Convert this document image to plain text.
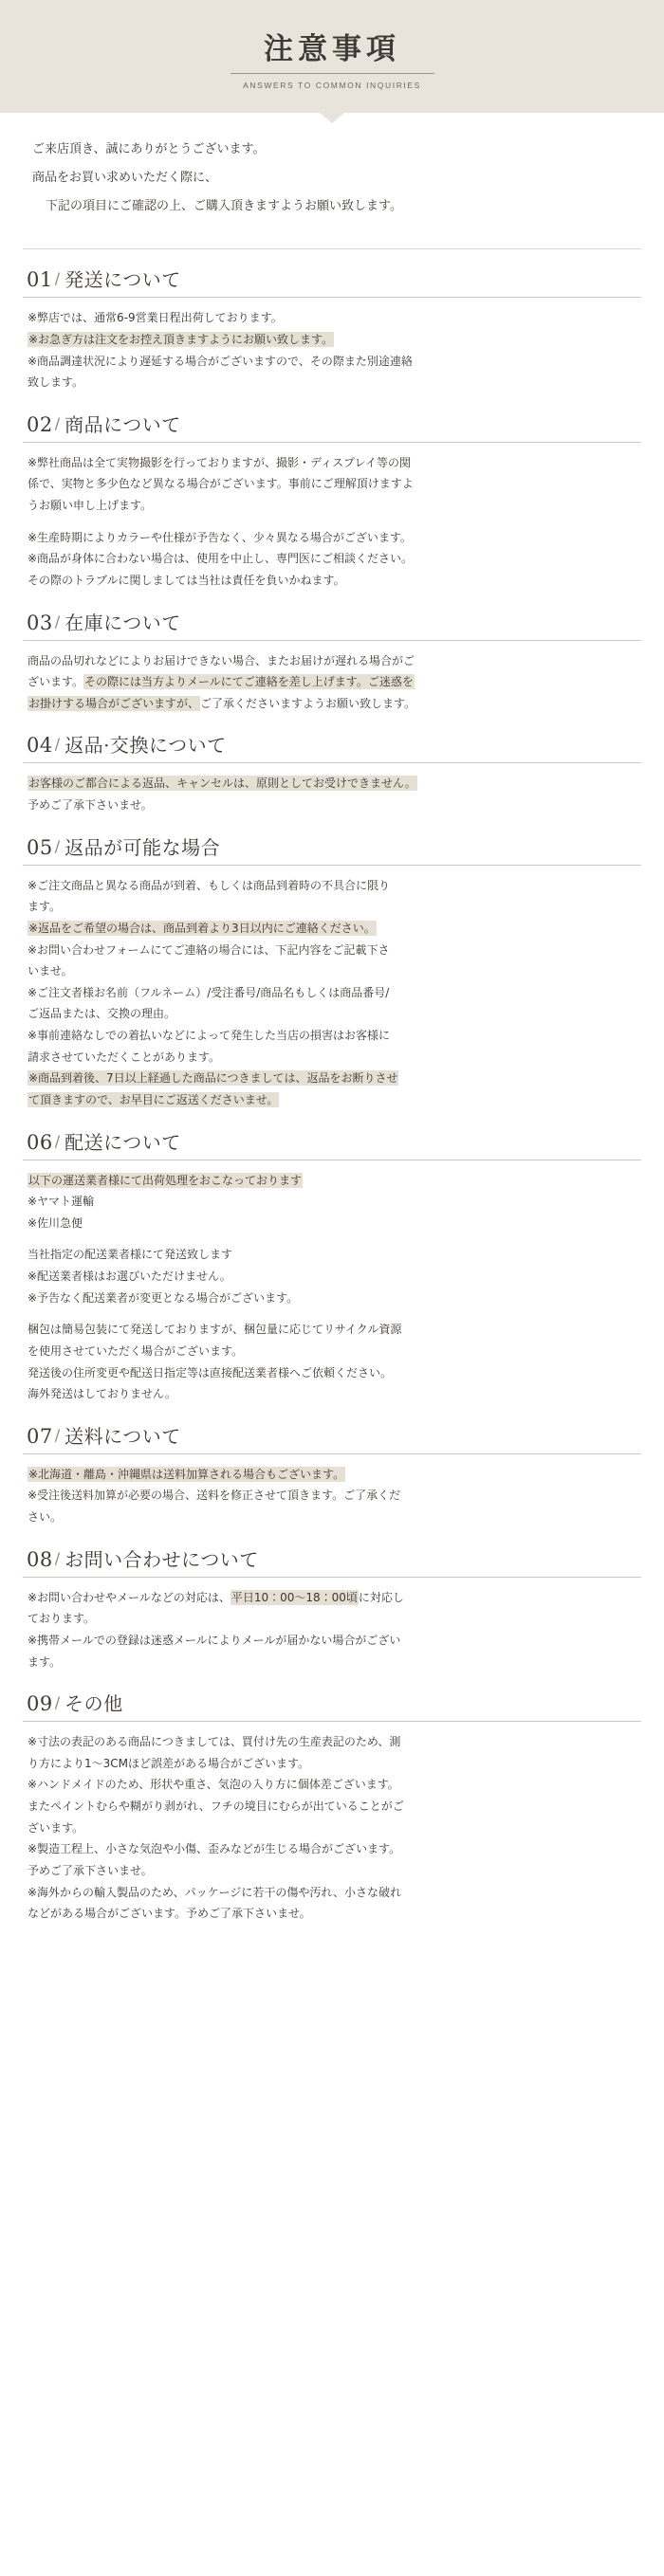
注意事項
ANSWERS TO COMMON INQUIRIES

ご来店頂き、誠にありがとうございます。

商品をお買い求めいただく際に、

下記の項目にご確認の上、ご購入頂きますようお願い致します。

01 / 発送について

※弊店では、通常6-9営業日程出荷しております。

※お急ぎ方は注文をお控え頂きますようにお願い致します。

※商品調達状況により遅延する場合がございますので、その際また別途連絡

致します。

02 / 商品について

※弊社商品は全て実物撮影を行っておりますが、撮影・ディスプレイ等の関

係で、実物と多少色など異なる場合がございます。事前にご理解頂けますよ

うお願い申し上げます。

※生産時期によりカラーや仕様が予告なく、少々異なる場合がございます。

※商品が身体に合わない場合は、使用を中止し、専門医にご相談ください。

その際のトラブルに関しましては当社は責任を負いかねます。

03 / 在庫について

商品の品切れなどによりお届けできない場合、またお届けが遅れる場合がご

ざいます。その際には当方よりメールにてご連絡を差し上げます。ご迷惑を

お掛けする場合がございますが、ご了承くださいますようお願い致します。

04 / 返品·交換について

お客様のご都合による返品、キャンセルは、原則としてお受けできません。

予めご了承下さいませ。

05 / 返品が可能な場合

※ご注文商品と異なる商品が到着、もしくは商品到着時の不具合に限り

ます。

※返品をご希望の場合は、商品到着より3日以内にご連絡ください。

※お問い合わせフォームにてご連絡の場合には、下記内容をご記載下さ

いませ。

※ご注文者様お名前（フルネーム）/受注番号/商品名もしくは商品番号/

ご返品または、交換の理由。

※事前連絡なしでの着払いなどによって発生した当店の損害はお客様に

請求させていただくことがあります。

※商品到着後、7日以上経過した商品につきましては、返品をお断りさせ

て頂きますので、お早目にご返送くださいませ。

06 / 配送について

以下の運送業者様にて出荷処理をおこなっております

※ヤマト運輸

※佐川急便

当社指定の配送業者様にて発送致します

※配送業者様はお選びいただけません。

※予告なく配送業者が変更となる場合がございます。

梱包は簡易包装にて発送しておりますが、梱包量に応じてリサイクル資源

を使用させていただく場合がございます。

発送後の住所変更や配送日指定等は直接配送業者様へご依頼ください。

海外発送はしておりません。

07 / 送料について

※北海道・離島・沖縄県は送料加算される場合もございます。

※受注後送料加算が必要の場合、送料を修正させて頂きます。ご了承くだ

さい。

08 / お問い合わせについて

※お問い合わせやメールなどの対応は、平日10：00～18：00頃に対応し

ております。

※携帯メールでの登録は迷惑メールによりメールが届かない場合がござい

ます。

09 / その他

※寸法の表記のある商品につきましては、買付け先の生産表記のため、測

り方により1～3CMほど誤差がある場合がございます。

※ハンドメイドのため、形状や重さ、気泡の入り方に個体差ございます。

またペイントむらや糊がり剥がれ、フチの境目にむらが出ていることがご

ざいます。

※製造工程上、小さな気泡や小傷、歪みなどが生じる場合がございます。

予めご了承下さいませ。

※海外からの輸入製品のため、パッケージに若干の傷や汚れ、小さな破れ

などがある場合がございます。予めご了承下さいませ。
